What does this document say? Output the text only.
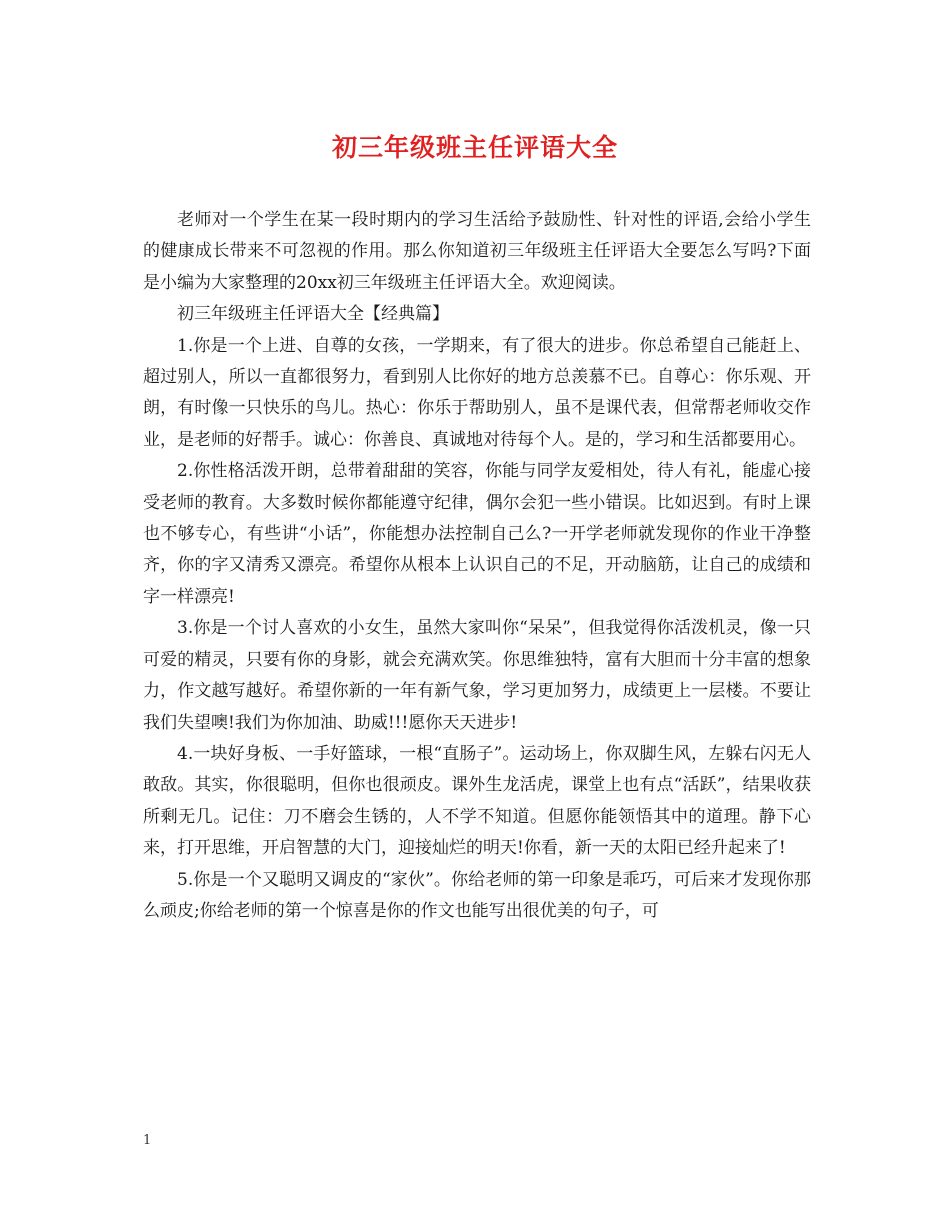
初三年级班主任评语大全

老师对一个学生在某一段时期内的学习生活给予鼓励性、针对性的评语,会给小学生的健康成长带来不可忽视的作用。那么你知道初三年级班主任评语大全要怎么写吗?下面是小编为大家整理的20xx初三年级班主任评语大全。欢迎阅读。

初三年级班主任评语大全【经典篇】

1.你是一个上进、自尊的女孩，一学期来，有了很大的进步。你总希望自己能赶上、超过别人，所以一直都很努力，看到别人比你好的地方总羡慕不已。自尊心：你乐观、开朗，有时像一只快乐的鸟儿。热心：你乐于帮助别人，虽不是课代表，但常帮老师收交作业，是老师的好帮手。诚心：你善良、真诚地对待每个人。是的，学习和生活都要用心。

2.你性格活泼开朗，总带着甜甜的笑容，你能与同学友爱相处，待人有礼，能虚心接受老师的教育。大多数时候你都能遵守纪律，偶尔会犯一些小错误。比如迟到。有时上课也不够专心，有些讲“小话”，你能想办法控制自己么?一开学老师就发现你的作业干净整齐，你的字又清秀又漂亮。希望你从根本上认识自己的不足，开动脑筋，让自己的成绩和字一样漂亮!

3.你是一个讨人喜欢的小女生，虽然大家叫你“呆呆”，但我觉得你活泼机灵，像一只可爱的精灵，只要有你的身影，就会充满欢笑。你思维独特，富有大胆而十分丰富的想象力，作文越写越好。希望你新的一年有新气象，学习更加努力，成绩更上一层楼。不要让我们失望噢!我们为你加油、助威!!!愿你天天进步!

4.一块好身板、一手好篮球，一根“直肠子”。运动场上，你双脚生风，左躲右闪无人敢敌。其实，你很聪明，但你也很顽皮。课外生龙活虎，课堂上也有点“活跃”，结果收获所剩无几。记住：刀不磨会生锈的，人不学不知道。但愿你能领悟其中的道理。静下心来，打开思维，开启智慧的大门，迎接灿烂的明天!你看，新一天的太阳已经升起来了!

5.你是一个又聪明又调皮的“家伙”。你给老师的第一印象是乖巧，可后来才发现你那么顽皮;你给老师的第一个惊喜是你的作文也能写出很优美的句子，可

1
